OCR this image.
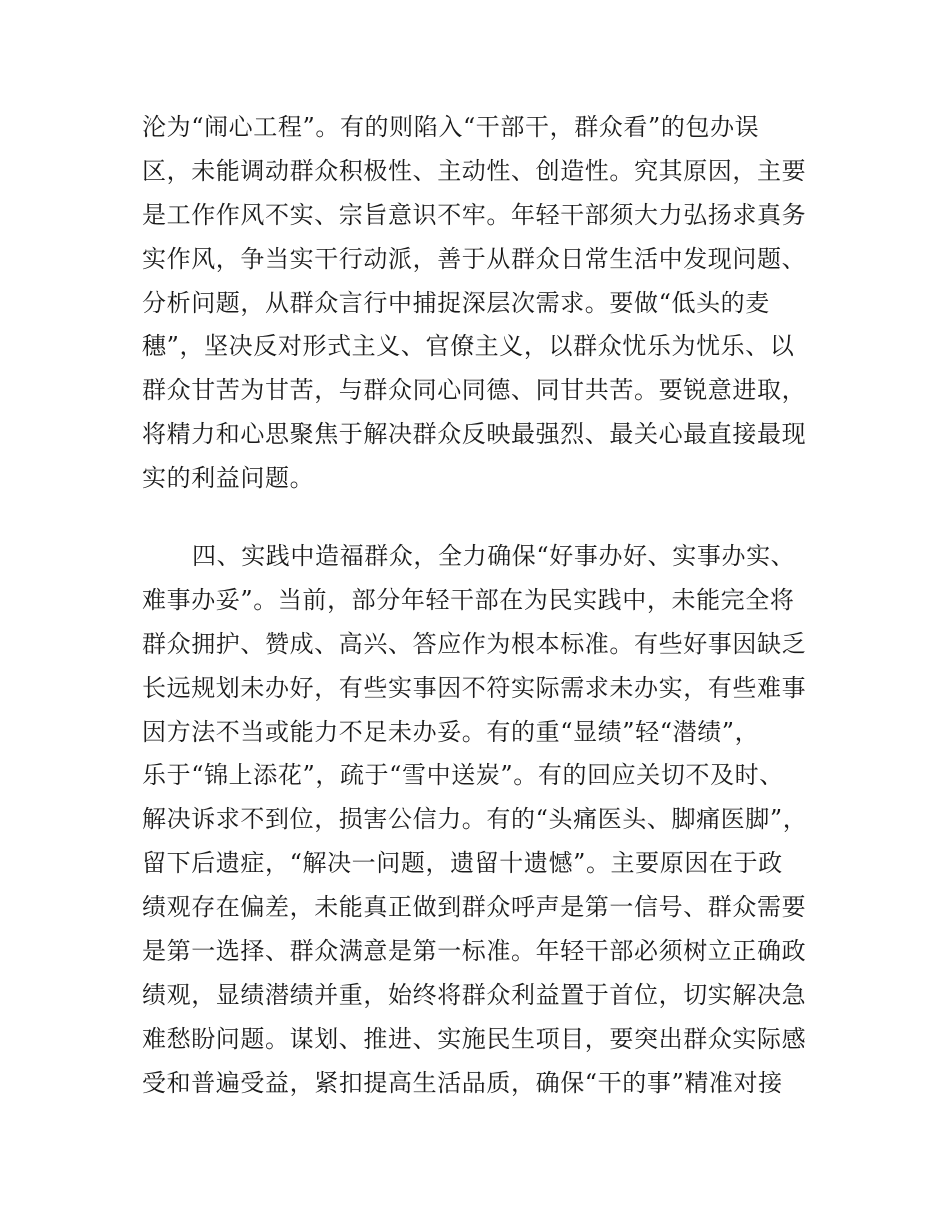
沦为“闹心工程”。有的则陷入“干部干，群众看”的包办误
区，未能调动群众积极性、主动性、创造性。究其原因，主要
是工作作风不实、宗旨意识不牢。年轻干部须大力弘扬求真务
实作风，争当实干行动派，善于从群众日常生活中发现问题、
分析问题，从群众言行中捕捉深层次需求。要做“低头的麦
穗”，坚决反对形式主义、官僚主义，以群众忧乐为忧乐、以
群众甘苦为甘苦，与群众同心同德、同甘共苦。要锐意进取，
将精力和心思聚焦于解决群众反映最强烈、最关心最直接最现
实的利益问题。
四、实践中造福群众，全力确保“好事办好、实事办实、
难事办妥”。当前，部分年轻干部在为民实践中，未能完全将
群众拥护、赞成、高兴、答应作为根本标准。有些好事因缺乏
长远规划未办好，有些实事因不符实际需求未办实，有些难事
因方法不当或能力不足未办妥。有的重“显绩”轻“潜绩”，
乐于“锦上添花”，疏于“雪中送炭”。有的回应关切不及时、
解决诉求不到位，损害公信力。有的“头痛医头、脚痛医脚”，
留下后遗症，“解决一问题，遗留十遗憾”。主要原因在于政
绩观存在偏差，未能真正做到群众呼声是第一信号、群众需要
是第一选择、群众满意是第一标准。年轻干部必须树立正确政
绩观，显绩潜绩并重，始终将群众利益置于首位，切实解决急
难愁盼问题。谋划、推进、实施民生项目，要突出群众实际感
受和普遍受益，紧扣提高生活品质，确保“干的事”精准对接
